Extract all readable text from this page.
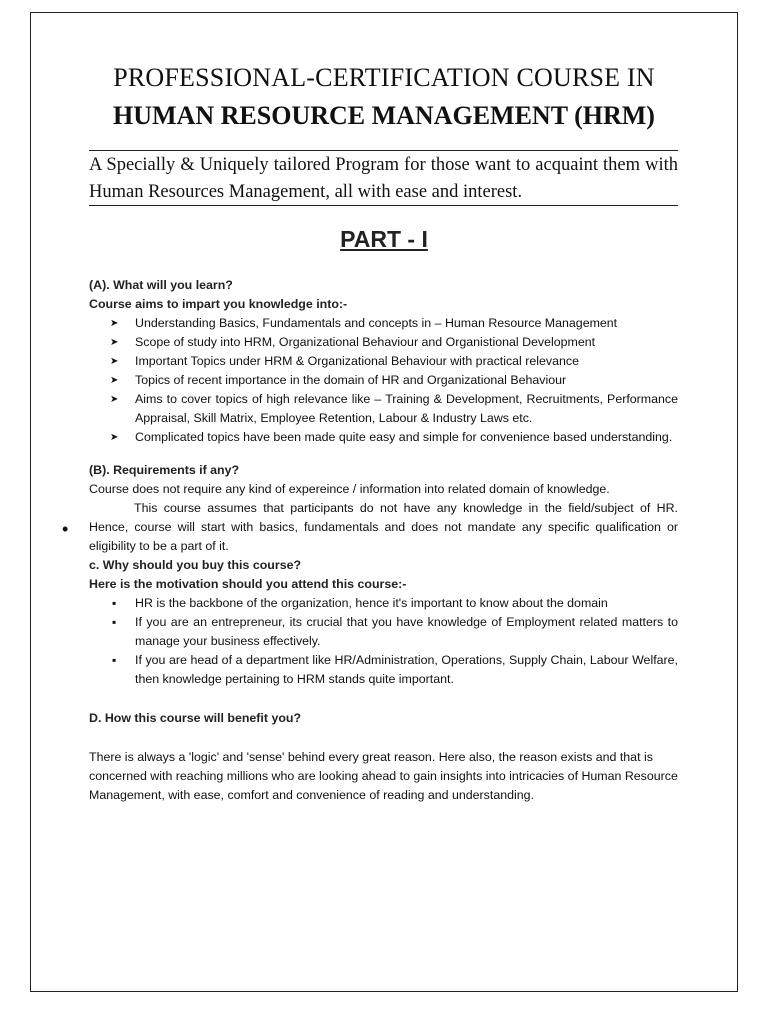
PROFESSIONAL-CERTIFICATION COURSE IN
HUMAN RESOURCE MANAGEMENT (HRM)
A Specially & Uniquely tailored Program for those want to acquaint them with Human Resources Management, all with ease and interest.
PART - I
•
(A). What will you learn?
Course aims to impart you knowledge into:-
➤ Understanding Basics, Fundamentals and concepts in – Human Resource Management
➤ Scope of study into HRM, Organizational Behaviour and Organistional Development
➤ Important Topics under HRM & Organizational Behaviour with practical relevance
➤ Topics of recent importance in the domain of HR and Organizational Behaviour
➤ Aims to cover topics of high relevance like – Training & Development, Recruitments, Performance Appraisal, Skill Matrix, Employee Retention, Labour & Industry Laws etc.
➤ Complicated topics have been made quite easy and simple for convenience based understanding.
(B). Requirements if any?
Course does not require any kind of expereince / information into related domain of knowledge.
This course assumes that participants do not have any knowledge in the field/subject of HR. Hence, course will start with basics, fundamentals and does not mandate any specific qualification or eligibility to be a part of it.
c. Why should you buy this course?
Here is the motivation should you attend this course:-
▪ HR is the backbone of the organization, hence it's important to know about the domain
▪ If you are an entrepreneur, its crucial that you have knowledge of Employment related matters to manage your business effectively.
▪ If you are head of a department like HR/Administration, Operations, Supply Chain, Labour Welfare, then knowledge pertaining to HRM stands quite important.
D. How this course will benefit you?
There is always a 'logic' and 'sense' behind every great reason. Here also, the reason exists and that is concerned with reaching millions who are looking ahead to gain insights into intricacies of Human Resource Management, with ease, comfort and convenience of reading and understanding.
